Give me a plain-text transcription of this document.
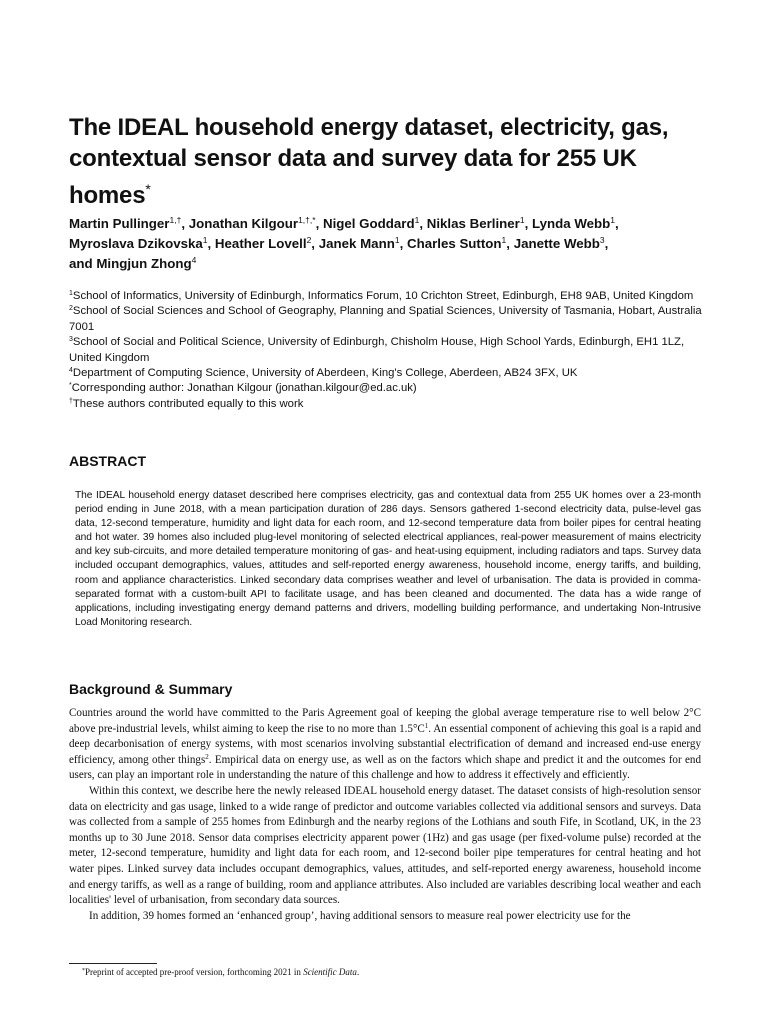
The IDEAL household energy dataset, electricity, gas, contextual sensor data and survey data for 255 UK homes*

Martin Pullinger$^{1,\dagger}$, Jonathan Kilgour$^{1,\dagger,*}$, Nigel Goddard$^1$, Niklas Berliner$^1$, Lynda Webb$^1$, Myroslava Dzikovska$^1$, Heather Lovell$^2$, Janek Mann$^1$, Charles Sutton$^1$, Janette Webb$^3$, and Mingjun Zhong$^4$

$^1$School of Informatics, University of Edinburgh, Informatics Forum, 10 Crichton Street, Edinburgh, EH8 9AB, United Kingdom

$^2$School of Social Sciences and School of Geography, Planning and Spatial Sciences, University of Tasmania, Hobart, Australia 7001

$^3$School of Social and Political Science, University of Edinburgh, Chisholm House, High School Yards, Edinburgh, EH1 1LZ, United Kingdom

$^4$Department of Computing Science, University of Aberdeen, King's College, Aberdeen, AB24 3FX, UK

*Corresponding author: Jonathan Kilgour (jonathan.kilgour@ed.ac.uk)

†These authors contributed equally to this work

ABSTRACT

The IDEAL household energy dataset described here comprises electricity, gas and contextual data from 255 UK homes over a 23-month period ending in June 2018, with a mean participation duration of 286 days. Sensors gathered 1-second electricity data, pulse-level gas data, 12-second temperature, humidity and light data for each room, and 12-second temperature data from boiler pipes for central heating and hot water. 39 homes also included plug-level monitoring of selected electrical appliances, real-power measurement of mains electricity and key sub-circuits, and more detailed temperature monitoring of gas- and heat-using equipment, including radiators and taps. Survey data included occupant demographics, values, attitudes and self-reported energy awareness, household income, energy tariffs, and building, room and appliance characteristics. Linked secondary data comprises weather and level of urbanisation. The data is provided in comma-separated format with a custom-built API to facilitate usage, and has been cleaned and documented. The data has a wide range of applications, including investigating energy demand patterns and drivers, modelling building performance, and undertaking Non-Intrusive Load Monitoring research.

Background & Summary

Countries around the world have committed to the Paris Agreement goal of keeping the global average temperature rise to well below 2°C above pre-industrial levels, whilst aiming to keep the rise to no more than $1.5^\circ C^1$. An essential component of achieving this goal is a rapid and deep decarbonisation of energy systems, with most scenarios involving substantial electrification of demand and increased end-use energy efficiency, among other things$^2$. Empirical data on energy use, as well as on the factors which shape and predict it and the outcomes for end users, can play an important role in understanding the nature of this challenge and how to address it effectively and efficiently.

Within this context, we describe here the newly released IDEAL household energy dataset. The dataset consists of high-resolution sensor data on electricity and gas usage, linked to a wide range of predictor and outcome variables collected via additional sensors and surveys. Data was collected from a sample of 255 homes from Edinburgh and the nearby regions of the Lothians and south Fife, in Scotland, UK, in the 23 months up to 30 June 2018. Sensor data comprises electricity apparent power (1Hz) and gas usage (per fixed-volume pulse) recorded at the meter, 12-second temperature, humidity and light data for each room, and 12-second boiler pipe temperatures for central heating and hot water pipes. Linked survey data includes occupant demographics, values, attitudes, and self-reported energy awareness, household income and energy tariffs, as well as a range of building, room and appliance attributes. Also included are variables describing local weather and each localities' level of urbanisation, from secondary data sources.

In addition, 39 homes formed an ‘enhanced group’, having additional sensors to measure real power electricity use for the

*Preprint of accepted pre-proof version, forthcoming 2021 in Scientific Data.
